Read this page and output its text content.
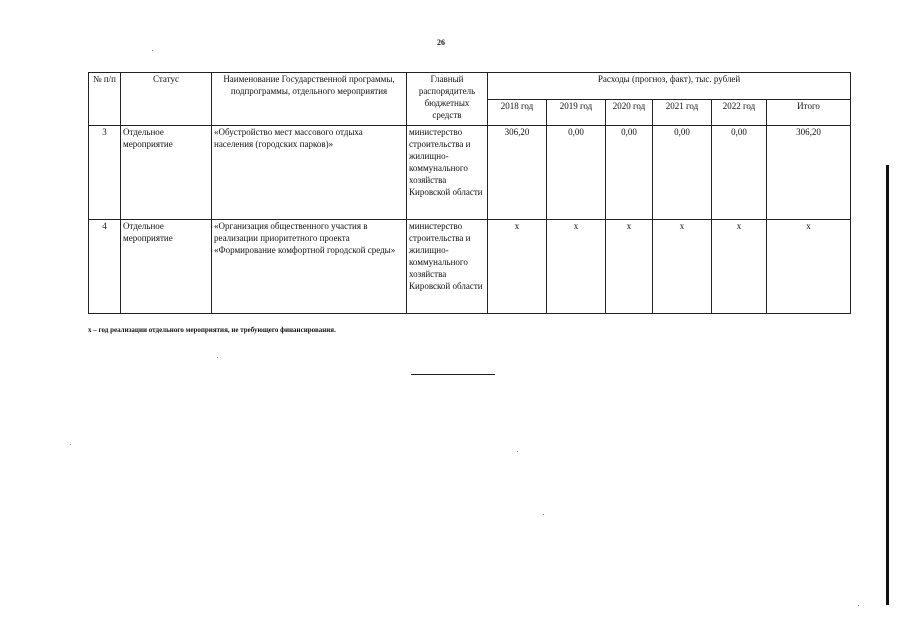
26
№ п/п	Статус	Наименование Государственной программы, подпрограммы, отдельного мероприятия	Главный распорядитель бюджетных средств	Расходы (прогноз, факт), тыс. рублей					
				2018 год	2019 год	2020 год	2021 год	2022 год	Итого
3	Отдельное мероприятие	«Обустройство мест массового отдыха населения (городских парков)»	министерство строительства и жилищно-коммунального хозяйства Кировской области	306,20	0,00	0,00	0,00	0,00	306,20
4	Отдельное мероприятие	«Организация общественного участия в реализации приоритетного проекта «Формирование комфортной городской среды»	министерство строительства и жилищно-коммунального хозяйства Кировской области	x	x	x	x	x	x
x – год реализации отдельного мероприятия, не требующего финансирования.
